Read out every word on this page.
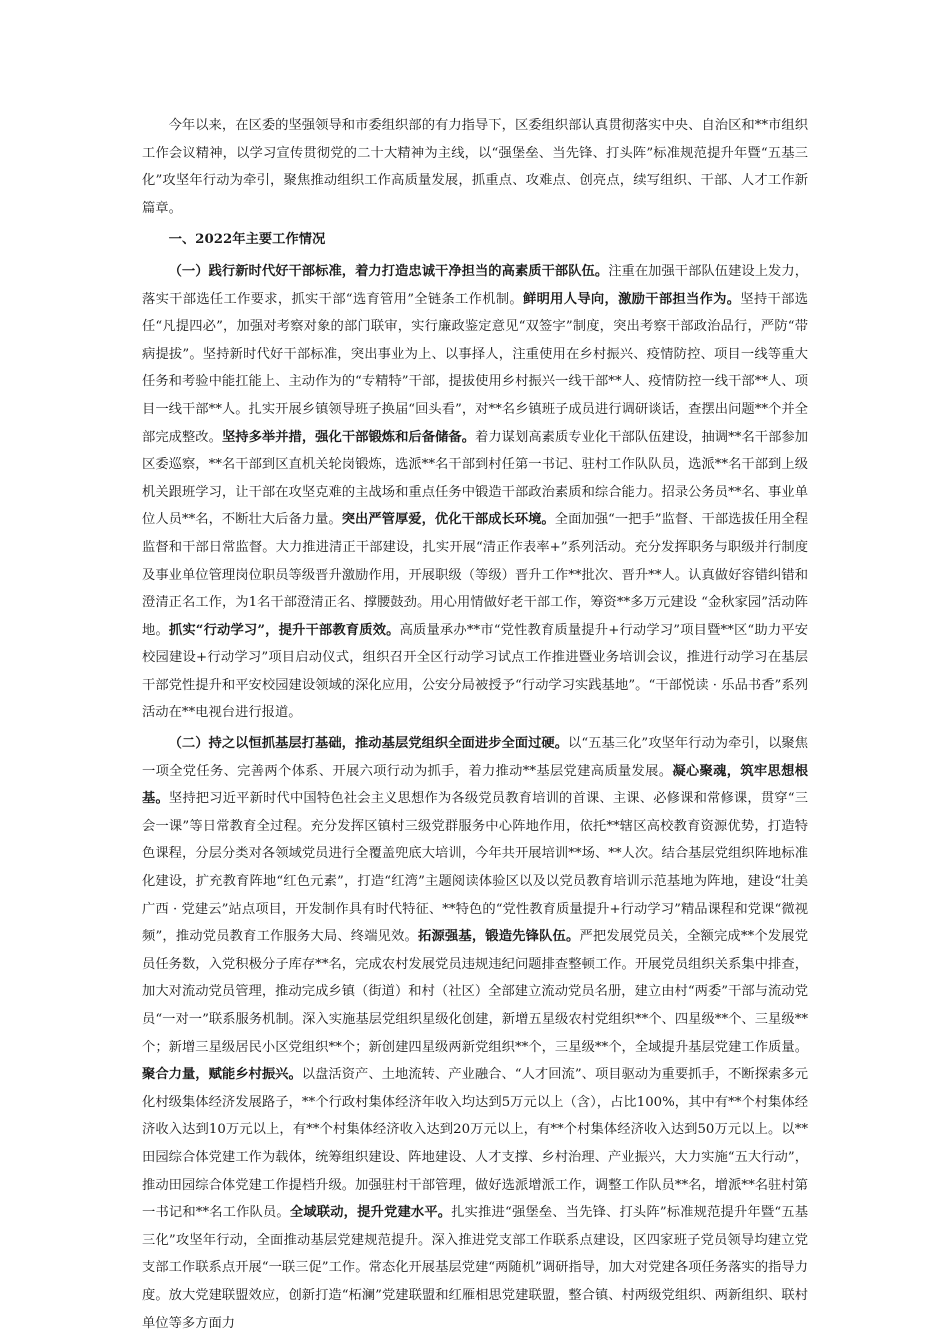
今年以来，在区委的坚强领导和市委组织部的有力指导下，区委组织部认真贯彻落实中央、自治区和**市组织工作会议精神，以学习宣传贯彻党的二十大精神为主线，以“强堡垒、当先锋、打头阵”标准规范提升年暨“五基三化”攻坚年行动为牵引，聚焦推动组织工作高质量发展，抓重点、攻难点、创亮点，续写组织、干部、人才工作新篇章。

一、2022年主要工作情况

（一）践行新时代好干部标准，着力打造忠诚干净担当的高素质干部队伍。注重在加强干部队伍建设上发力，落实干部选任工作要求，抓实干部“选育管用”全链条工作机制。鲜明用人导向，激励干部担当作为。坚持干部选任“凡提四必”，加强对考察对象的部门联审，实行廉政鉴定意见“双签字”制度，突出考察干部政治品行，严防“带病提拔”。坚持新时代好干部标准，突出事业为上、以事择人，注重使用在乡村振兴、疫情防控、项目一线等重大任务和考验中能扛能上、主动作为的“专精特”干部，提拔使用乡村振兴一线干部**人、疫情防控一线干部**人、项目一线干部**人。扎实开展乡镇领导班子换届“回头看”，对**名乡镇班子成员进行调研谈话，查摆出问题**个并全部完成整改。坚持多举并措，强化干部锻炼和后备储备。着力谋划高素质专业化干部队伍建设，抽调**名干部参加区委巡察，**名干部到区直机关轮岗锻炼，选派**名干部到村任第一书记、驻村工作队队员，选派**名干部到上级机关跟班学习，让干部在攻坚克难的主战场和重点任务中锻造干部政治素质和综合能力。招录公务员**名、事业单位人员**名，不断壮大后备力量。突出严管厚爱，优化干部成长环境。全面加强“一把手”监督、干部选拔任用全程监督和干部日常监督。大力推进清正干部建设，扎实开展“清正作表率+”系列活动。充分发挥职务与职级并行制度及事业单位管理岗位职员等级晋升激励作用，开展职级（等级）晋升工作**批次、晋升**人。认真做好容错纠错和澄清正名工作，为1名干部澄清正名、撑腰鼓劲。用心用情做好老干部工作，筹资**多万元建设 “金秋家园”活动阵地。抓实“行动学习”，提升干部教育质效。高质量承办**市“党性教育质量提升+行动学习”项目暨**区“助力平安校园建设+行动学习”项目启动仪式，组织召开全区行动学习试点工作推进暨业务培训会议，推进行动学习在基层干部党性提升和平安校园建设领域的深化应用，公安分局被授予“行动学习实践基地”。“干部悦读 · 乐品书香”系列活动在**电视台进行报道。

（二）持之以恒抓基层打基础，推动基层党组织全面进步全面过硬。以“五基三化”攻坚年行动为牵引，以聚焦一项全党任务、完善两个体系、开展六项行动为抓手，着力推动**基层党建高质量发展。凝心聚魂，筑牢思想根基。坚持把习近平新时代中国特色社会主义思想作为各级党员教育培训的首课、主课、必修课和常修课，贯穿“三会一课”等日常教育全过程。充分发挥区镇村三级党群服务中心阵地作用，依托**辖区高校教育资源优势，打造特色课程，分层分类对各领域党员进行全覆盖兜底大培训，今年共开展培训**场、**人次。结合基层党组织阵地标准化建设，扩充教育阵地“红色元素”，打造“红湾”主题阅读体验区以及以党员教育培训示范基地为阵地，建设“壮美广西 · 党建云”站点项目，开发制作具有时代特征、**特色的“党性教育质量提升+行动学习”精品课程和党课“微视频”，推动党员教育工作服务大局、终端见效。拓源强基，锻造先锋队伍。严把发展党员关，全额完成**个发展党员任务数，入党积极分子库存**名，完成农村发展党员违规违纪问题排查整顿工作。开展党员组织关系集中排查，加大对流动党员管理，推动完成乡镇（街道）和村（社区）全部建立流动党员名册，建立由村“两委”干部与流动党员“一对一”联系服务机制。深入实施基层党组织星级化创建，新增五星级农村党组织**个、四星级**个、三星级**个；新增三星级居民小区党组织**个；新创建四星级两新党组织**个，三星级**个，全域提升基层党建工作质量。聚合力量，赋能乡村振兴。以盘活资产、土地流转、产业融合、“人才回流”、项目驱动为重要抓手，不断探索多元化村级集体经济发展路子，**个行政村集体经济年收入均达到5万元以上（含），占比100%，其中有**个村集体经济收入达到10万元以上，有**个村集体经济收入达到20万元以上，有**个村集体经济收入达到50万元以上。以**田园综合体党建工作为载体，统筹组织建设、阵地建设、人才支撑、乡村治理、产业振兴，大力实施“五大行动”，推动田园综合体党建工作提档升级。加强驻村干部管理，做好选派增派工作，调整工作队员**名，增派**名驻村第一书记和**名工作队员。全域联动，提升党建水平。扎实推进“强堡垒、当先锋、打头阵”标准规范提升年暨“五基三化”攻坚年行动，全面推动基层党建规范提升。深入推进党支部工作联系点建设，区四家班子党员领导均建立党支部工作联系点开展“一联三促”工作。常态化开展基层党建“两随机”调研指导，加大对党建各项任务落实的指导力度。放大党建联盟效应，创新打造“柘澜”党建联盟和红雁相思党建联盟，整合镇、村两级党组织、两新组织、联村单位等多方面力
